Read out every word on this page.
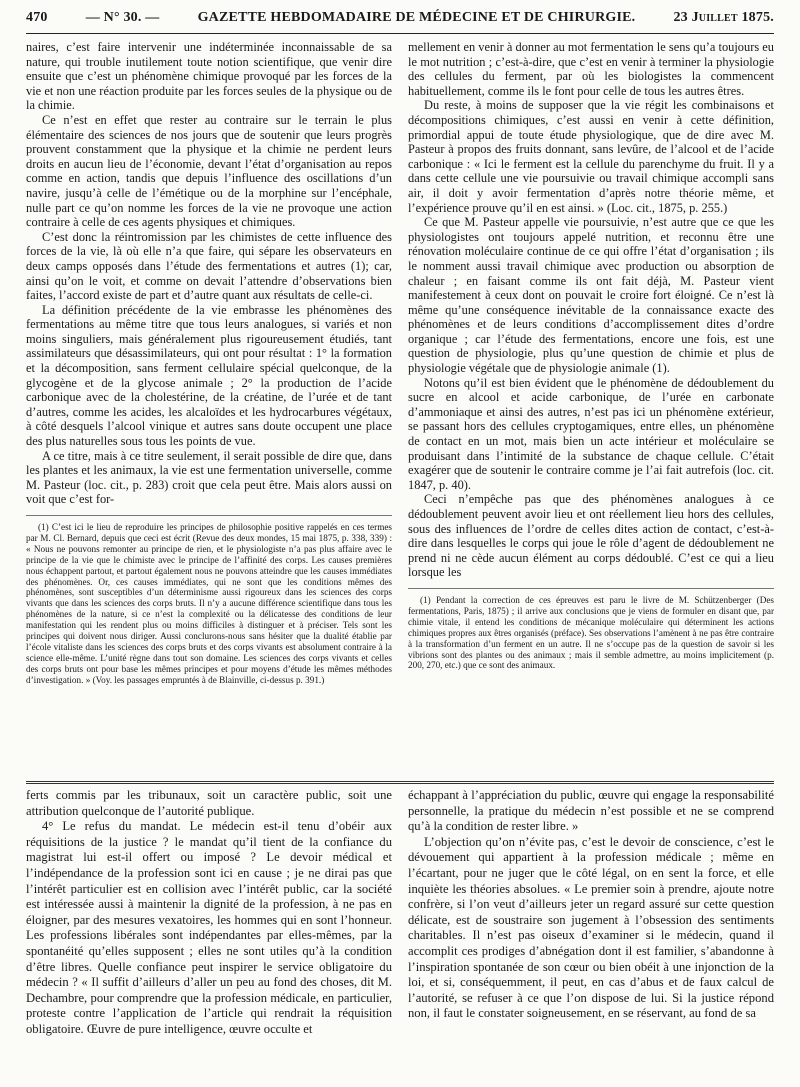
470	— N° 30. —	GAZETTE HEBDOMADAIRE DE MÉDECINE ET DE CHIRURGIE.	23 Juillet 1875.

naires, c’est faire intervenir une indéterminée inconnaissable de sa nature, qui trouble inutilement toute notion scientifique, que venir dire ensuite que c’est un phénomène chimique provoqué par les forces de la vie et non une réaction produite par les forces seules de la physique ou de la chimie.

Ce n’est en effet que rester au contraire sur le terrain le plus élémentaire des sciences de nos jours que de soutenir que leurs progrès prouvent constamment que la physique et la chimie ne perdent leurs droits en aucun lieu de l’économie, devant l’état d’organisation au repos comme en action, tandis que depuis l’influence des oscillations d’un navire, jusqu’à celle de l’émétique ou de la morphine sur l’encéphale, nulle part ce qu’on nomme les forces de la vie ne provoque une action contraire à celle de ces agents physiques et chimiques.

C’est donc la réintromission par les chimistes de cette influence des forces de la vie, là où elle n’a que faire, qui sépare les observateurs en deux camps opposés dans l’étude des fermentations et autres (1); car, ainsi qu’on le voit, et comme on devait l’attendre d’observations bien faites, l’accord existe de part et d’autre quant aux résultats de celle-ci.

La définition précédente de la vie embrasse les phénomènes des fermentations au même titre que tous leurs analogues, si variés et non moins singuliers, mais généralement plus rigoureusement étudiés, tant assimilateurs que désassimilateurs, qui ont pour résultat : 1° la formation et la décomposition, sans ferment cellulaire spécial quelconque, de la glycogène et de la glycose animale ; 2° la production de l’acide carbonique avec de la cholestérine, de la créatine, de l’urée et de tant d’autres, comme les acides, les alcaloïdes et les hydrocarbures végétaux, à côté desquels l’alcool vinique et autres sans doute occupent une place des plus naturelles sous tous les points de vue.

A ce titre, mais à ce titre seulement, il serait possible de dire que, dans les plantes et les animaux, la vie est une fermentation universelle, comme M. Pasteur (loc. cit., p. 283) croit que cela peut être. Mais alors aussi on voit que c’est for-

(1) C’est ici le lieu de reproduire les principes de philosophie positive rappelés en ces termes par M. Cl. Bernard, depuis que ceci est écrit (Revue des deux mondes, 15 mai 1875, p. 338, 339) : « Nous ne pouvons remonter au principe de rien, et le physiologiste n’a pas plus affaire avec le principe de la vie que le chimiste avec le principe de l’affinité des corps. Les causes premières nous échappent partout, et partout également nous ne pouvons atteindre que les causes immédiates des phénomènes. Or, ces causes immédiates, qui ne sont que les conditions mêmes des phénomènes, sont susceptibles d’un déterminisme aussi rigoureux dans les sciences des corps vivants que dans les sciences des corps bruts. Il n’y a aucune différence scientifique dans tous les phénomènes de la nature, si ce n’est la complexité ou la délicatesse des conditions de leur manifestation qui les rendent plus ou moins difficiles à distinguer et à préciser. Tels sont les principes qui doivent nous diriger. Aussi conclurons-nous sans hésiter que la dualité établie par l’école vitaliste dans les sciences des corps bruts et des corps vivants est absolument contraire à la science elle-même. L’unité règne dans tout son domaine. Les sciences des corps vivants et celles des corps bruts ont pour base les mêmes principes et pour moyens d’étude les mêmes méthodes d’investigation. » (Voy. les passages empruntés à de Blainville, ci-dessus p. 391.)

mellement en venir à donner au mot fermentation le sens qu’a toujours eu le mot nutrition ; c’est-à-dire, que c’est en venir à terminer la physiologie des cellules du ferment, par où les biologistes la commencent habituellement, comme ils le font pour celle de tous les autres êtres.

Du reste, à moins de supposer que la vie régit les combinaisons et décompositions chimiques, c’est aussi en venir à cette définition, primordial appui de toute étude physiologique, que de dire avec M. Pasteur à propos des fruits donnant, sans levûre, de l’alcool et de l’acide carbonique : « Ici le ferment est la cellule du parenchyme du fruit. Il y a dans cette cellule une vie poursuivie ou travail chimique accompli sans air, il doit y avoir fermentation d’après notre théorie même, et l’expérience prouve qu’il en est ainsi. » (Loc. cit., 1875, p. 255.)

Ce que M. Pasteur appelle vie poursuivie, n’est autre que ce que les physiologistes ont toujours appelé nutrition, et reconnu être une rénovation moléculaire continue de ce qui offre l’état d’organisation ; ils le nomment aussi travail chimique avec production ou absorption de chaleur ; en faisant comme ils ont fait déjà, M. Pasteur vient manifestement à ceux dont on pouvait le croire fort éloigné. Ce n’est là même qu’une conséquence inévitable de la connaissance exacte des phénomènes et de leurs conditions d’accomplissement dites d’ordre organique ; car l’étude des fermentations, encore une fois, est une question de physiologie, plus qu’une question de chimie et plus de physiologie végétale que de physiologie animale (1).

Notons qu’il est bien évident que le phénomène de dédoublement du sucre en alcool et acide carbonique, de l’urée en carbonate d’ammoniaque et ainsi des autres, n’est pas ici un phénomène extérieur, se passant hors des cellules cryptogamiques, entre elles, un phénomène de contact en un mot, mais bien un acte intérieur et moléculaire se produisant dans l’intimité de la substance de chaque cellule. C’était exagérer que de soutenir le contraire comme je l’ai fait autrefois (loc. cit. 1847, p. 40).

Ceci n’empêche pas que des phénomènes analogues à ce dédoublement peuvent avoir lieu et ont réellement lieu hors des cellules, sous des influences de l’ordre de celles dites action de contact, c’est-à-dire dans lesquelles le corps qui joue le rôle d’agent de dédoublement ne prend ni ne cède aucun élément au corps dédoublé. C’est ce qui a lieu lorsque les

(1) Pendant la correction de ces épreuves est paru le livre de M. Schützenberger (Des fermentations, Paris, 1875) ; il arrive aux conclusions que je viens de formuler en disant que, par chimie vitale, il entend les conditions de mécanique moléculaire qui déterminent les actions chimiques propres aux êtres organisés (préface). Ses observations l’amènent à ne pas être contraire à la transformation d’un ferment en un autre. Il ne s’occupe pas de la question de savoir si les vibrions sont des plantes ou des animaux ; mais il semble admettre, au moins implicitement (p. 200, 270, etc.) que ce sont des animaux.

ferts commis par les tribunaux, soit un caractère public, soit une attribution quelconque de l’autorité publique.

4° Le refus du mandat. Le médecin est-il tenu d’obéir aux réquisitions de la justice ? le mandat qu’il tient de la confiance du magistrat lui est-il offert ou imposé ? Le devoir médical et l’indépendance de la profession sont ici en cause ; je ne dirai pas que l’intérêt particulier est en collision avec l’intérêt public, car la société est intéressée aussi à maintenir la dignité de la profession, à ne pas en éloigner, par des mesures vexatoires, les hommes qui en sont l’honneur. Les professions libérales sont indépendantes par elles-mêmes, par la spontanéité qu’elles supposent ; elles ne sont utiles qu’à la condition d’être libres. Quelle confiance peut inspirer le service obligatoire du médecin ? « Il suffit d’ailleurs d’aller un peu au fond des choses, dit M. Dechambre, pour comprendre que la profession médicale, en particulier, proteste contre l’application de l’article qui rendrait la réquisition obligatoire. Œuvre de pure intelligence, œuvre occulte et

échappant à l’appréciation du public, œuvre qui engage la responsabilité personnelle, la pratique du médecin n’est possible et ne se comprend qu’à la condition de rester libre. »

L’objection qu’on n’évite pas, c’est le devoir de conscience, c’est le dévouement qui appartient à la profession médicale ; même en l’écartant, pour ne juger que le côté légal, on en sent la force, et elle inquiète les théories absolues. « Le premier soin à prendre, ajoute notre confrère, si l’on veut d’ailleurs jeter un regard assuré sur cette question délicate, est de soustraire son jugement à l’obsession des sentiments charitables. Il n’est pas oiseux d’examiner si le médecin, quand il accomplit ces prodiges d’abnégation dont il est familier, s’abandonne à l’inspiration spontanée de son cœur ou bien obéit à une injonction de la loi, et si, conséquemment, il peut, en cas d’abus et de faux calcul de l’autorité, se refuser à ce que l’on dispose de lui. Si la justice répond non, il faut le constater soigneusement, en se réservant, au fond de sa
